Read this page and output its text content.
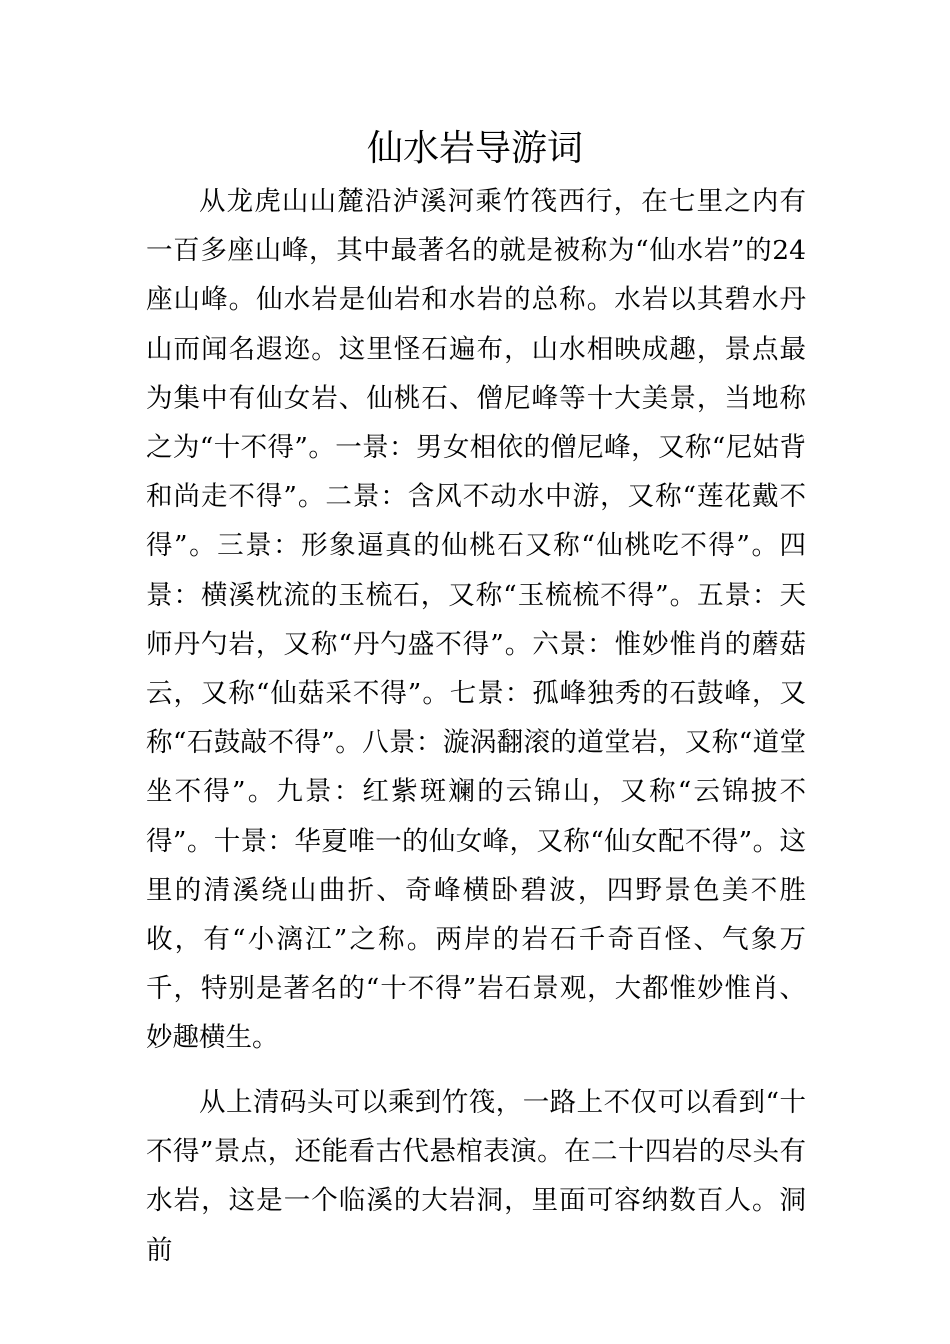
仙水岩导游词

从龙虎山山麓沿泸溪河乘竹筏西行，在七里之内有一百多座山峰，其中最著名的就是被称为“仙水岩”的24座山峰。仙水岩是仙岩和水岩的总称。水岩以其碧水丹山而闻名遐迩。这里怪石遍布，山水相映成趣，景点最为集中有仙女岩、仙桃石、僧尼峰等十大美景，当地称之为“十不得”。一景：男女相依的僧尼峰，又称“尼姑背和尚走不得”。二景：含风不动水中游，又称“莲花戴不得”。三景：形象逼真的仙桃石又称“仙桃吃不得”。四景：横溪枕流的玉梳石，又称“玉梳梳不得”。五景：天师丹勺岩，又称“丹勺盛不得”。六景：惟妙惟肖的蘑菇云，又称“仙菇采不得”。七景：孤峰独秀的石鼓峰，又称“石鼓敲不得”。八景：漩涡翻滚的道堂岩，又称“道堂坐不得”。九景：红紫斑斓的云锦山，又称“云锦披不得”。十景：华夏唯一的仙女峰，又称“仙女配不得”。这里的清溪绕山曲折、奇峰横卧碧波，四野景色美不胜收，有“小漓江”之称。两岸的岩石千奇百怪、气象万千，特别是著名的“十不得”岩石景观，大都惟妙惟肖、妙趣横生。

从上清码头可以乘到竹筏，一路上不仅可以看到“十不得”景点，还能看古代悬棺表演。在二十四岩的尽头有水岩，这是一个临溪的大岩洞，里面可容纳数百人。洞前
